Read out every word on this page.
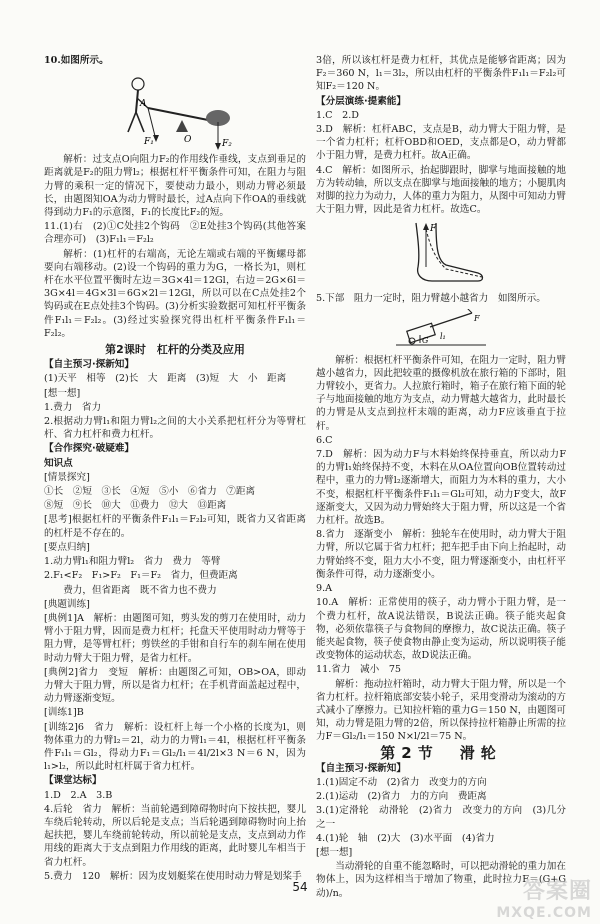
10.如图所示。

A
O
F₁	F₂

解析：过支点O向阻力F₂的作用线作垂线，支点到垂足的距离就是F₂的阻力臂l₂；根据杠杆平衡条件可知，在阻力与阻力臂的乘积一定的情况下，要使动力最小，则动力臂必须最长，由题图知OA为动力臂时最长，过A点向下作OA的垂线就得到动力F₁的示意图，F₁的长度比F₂的短。

11.(1)右　(2)①C处挂2个钩码　②E处挂3个钩码(其他答案合理亦可)　(3)F₁l₁＝F₂l₂

解析：(1)杠杆的右端高，无论左端或右端的平衡螺母都要向右端移动。(2)设一个钩码的重力为G，一格长为l，则杠杆在水平位置平衡时左边＝3G×4l＝12Gl，右边＝2G×6l＝3G×4l＝4G×3l＝6G×2l＝12Gl，所以可以在C点处挂2个钩码或在E点处挂3个钩码。(3)分析实验数据可知杠杆平衡条件F₁l₁＝F₂l₂。(3)经过实验探究得出杠杆平衡条件F₁l₁＝F₂l₂。

第2课时　杠杆的分类及应用
【自主预习·探新知】

(1)天平　相等　(2)长　大　距离　(3)短　大　小　距离

[想一想]

1.费力　省力

2.根据动力臂l₁和阻力臂l₂之间的大小关系把杠杆分为等臂杠杆、省力杠杆和费力杠杆。

【合作探究·破疑难】
知识点
[情景探究]

①长　②短　③长　④短　⑤小　⑥省力　⑦距离

⑧短　⑨长　⑩大　⑪费力　⑫大　⑬距离

[思考]根据杠杆的平衡条件F₁l₁＝F₂l₂可知，既省力又省距离的杠杆是不存在的。

[要点归纳]

1.动力臂l₁和阻力臂l₂　省力　费力　等臂

2.F₁<F₂　F₁>F₂　F₁＝F₂　省力，但费距离

费力，但省距离　既不省力也不费力

[典题训练]

[典例1]A　解析：由题图可知，剪头发的剪刀在使用时，动力臂小于阻力臂，因而是费力杠杆；托盘天平使用时动力臂等于阻力臂，是等臂杠杆；剪铁丝的手钳和自行车的刹车闸在使用时动力臂大于阻力臂，是省力杠杆。

[典例2]省力　变短　解析：由题图乙可知，OB>OA，即动力臂大于阻力臂，所以是省力杠杆；在手机背面盖起过程中，动力臂逐渐变短。

[训练1]B

[训练2]6　省力　解析：设杠杆上每一个小格的长度为l，则物体重力的力臂l₂＝2l，动力的力臂l₁＝4l，根据杠杆平衡条件F₁l₁＝Gl₂，得动力F₁＝Gl₂/l₁＝4l/2l×3 N＝6 N，因为l₁>l₂，所以此时杠杆属于省力杠杆。

【课堂达标】

1.D　2.A　3.B

4.后轮　省力　解析：当前轮遇到障碍物时向下按扶把，婴儿车绕后轮转动，所以后轮是支点；当后轮遇到障碍物时向上抬起扶把，婴儿车绕前轮转动，所以前轮是支点，支点到动力作用线的距离大于支点到阻力作用线的距离，此时婴儿车相当于省力杠杆。

5.费力　120　解析：因为皮划艇桨在使用时动力臂是划桨手

3倍，所以该杠杆是费力杠杆，其优点是能够省距离；因为F₂＝360 N，l₁＝3l₂，所以由杠杆的平衡条件F₁l₁＝F₂l₂可知F₂＝120 N。

【分层演练·提素能】

1.C　2.D

3.D　解析：杠杆ABC，支点是B，动力臂大于阻力臂，是一个省力杠杆；杠杆OBD和OED，支点都是O，动力臂都小于阻力臂，是费力杠杆。故A正确。

4.C　解析：如图所示，抬起脚跟时，脚掌与地面接触的地方为转动轴，所以支点在脚掌与地面接触的地方；小腿肌肉对脚的拉力为动力，人体的重力为阻力，从图中可知动力臂大于阻力臂，因此是省力杠杆。故选C。

F

5.下部　阻力一定时，阻力臂越小越省力　如图所示。

G
F
l₁

解析：根据杠杆平衡条件可知，在阻力一定时，阻力臂越小越省力，因此把较重的摄像机放在旅行箱的下部时，阻力臂较小，更省力。人拉旅行箱时，箱子在旅行箱下面的轮子与地面接触的地方为支点，动力臂越大越省力，此时最长的力臂是从支点到拉杆末端的距离，动力F应该垂直于拉杆。

6.C

7.D　解析：因为动力F与木料始终保持垂直，所以动力F的力臂l₁始终保持不变，木料在从OA位置向OB位置转动过程中，重力的力臂l₂逐渐增大，而阻力为木料的重力，大小不变，根据杠杆平衡条件F₁l₁＝Gl₂可知，动力F变大，故F逐渐变大，又因为动力臂始终大于阻力臂，所以这是一个省力杠杆。故选B。

8.省力　逐渐变小　解析：独轮车在使用时，动力臂大于阻力臂，所以它属于省力杠杆；把车把手由下向上抬起时，动力臂始终不变，阻力大小不变，阻力臂逐渐变小，由杠杆平衡条件可得，动力逐渐变小。

9.A

10.A　解析：正常使用的筷子，动力臂小于阻力臂，是一个费力杠杆，故A说法错误，B说法正确。筷子能夹起食物，必须依靠筷子与食物间的摩擦力，故C说法正确。筷子能夹起食物，筷子使食物由静止变为运动，所以说明筷子能改变物体的运动状态，故D说法正确。

11.省力　减小　75

解析：拖动拉杆箱时，动力臂大于阻力臂，所以是一个省力杠杆。拉杆箱底部安装小轮子，采用变滑动为滚动的方式减小了摩擦力。已知拉杆箱的重力G＝150 N，由题图可知，动力臂是阻力臂的2倍，所以保持拉杆箱静止所需的拉力F＝Gl₂/l₁＝150 N×l/2l＝75 N。

第2节　滑轮
【自主预习·探新知】

1.(1)固定不动　(2)省力　改变力的方向

2.(1)运动　(2)省力　力的方向　费距离

3.(1)定滑轮　动滑轮　(2)省力　改变力的方向　(3)几分之一

4.(1)轮　轴　(2)大　(3)水平面　(4)省力

[想一想]

当动滑轮的自重不能忽略时，可以把动滑轮的重力加在物体上，因为这样相当于增加了物重，此时拉力F＝(G+G动)/n。

54	答案圈
MXQE.COM
